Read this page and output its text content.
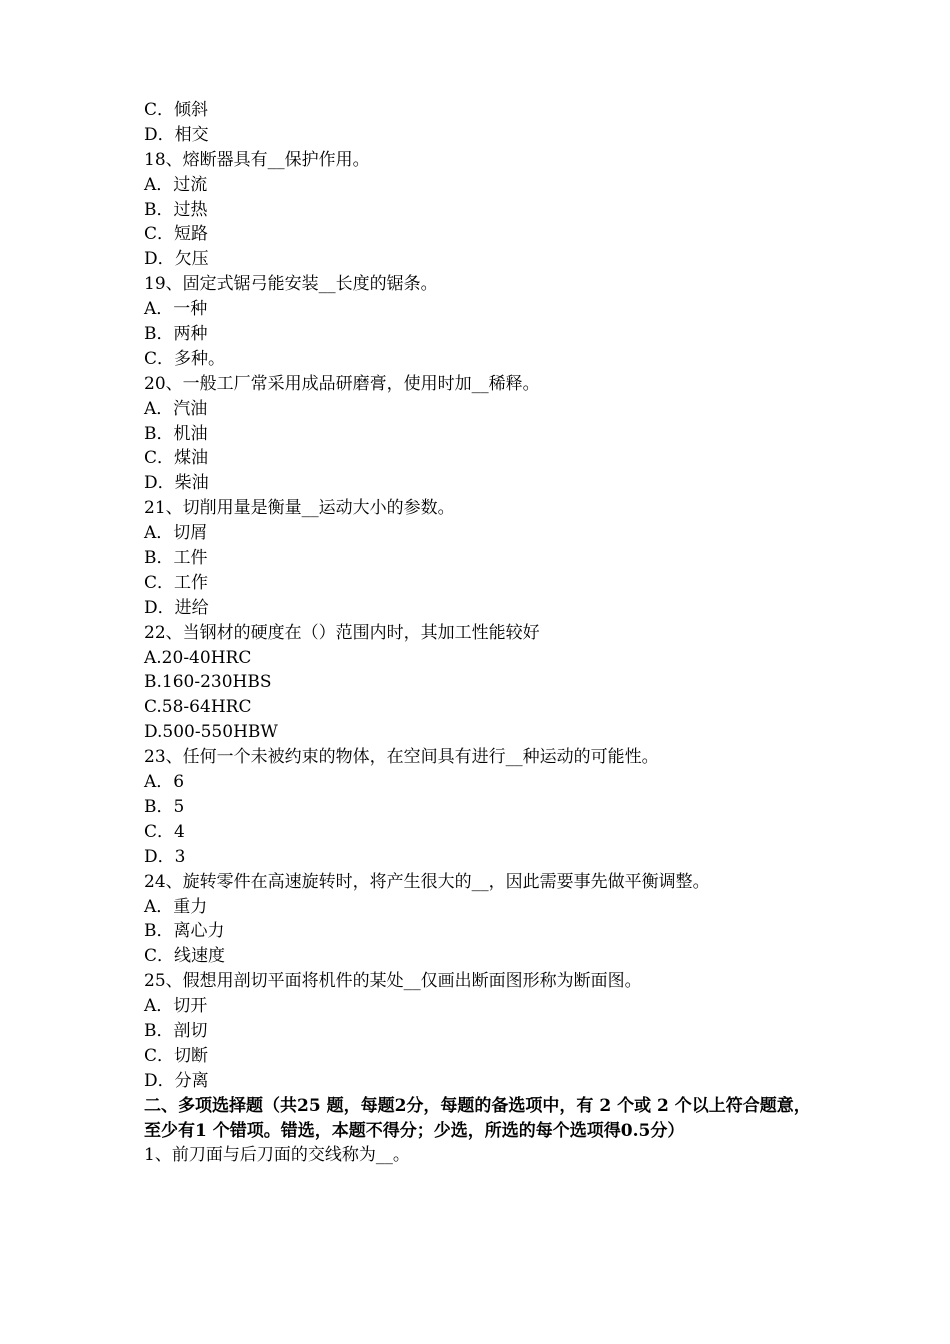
C．倾斜
D．相交
18、熔断器具有__保护作用。
A．过流
B．过热
C．短路
D．欠压
19、固定式锯弓能安装__长度的锯条。
A．一种
B．两种
C．多种。
20、一般工厂常采用成品研磨膏，使用时加__稀释。
A．汽油
B．机油
C．煤油
D．柴油
21、切削用量是衡量__运动大小的参数。
A．切屑
B．工件
C．工作
D．进给
22、当钢材的硬度在（）范围内时，其加工性能较好
A.20-40HRC
B.160-230HBS
C.58-64HRC
D.500-550HBW
23、任何一个未被约束的物体，在空间具有进行__种运动的可能性。
A．6
B．5
C．4
D．3
24、旋转零件在高速旋转时，将产生很大的__，因此需要事先做平衡调整。
A．重力
B．离心力
C．线速度
25、假想用剖切平面将机件的某处__仅画出断面图形称为断面图。
A．切开
B．剖切
C．切断
D．分离
二、多项选择题（共25 题，每题2分，每题的备选项中，有 2 个或 2 个以上符合题意，至少有1 个错项。错选，本题不得分；少选，所选的每个选项得0.5分）
1、前刀面与后刀面的交线称为__。
